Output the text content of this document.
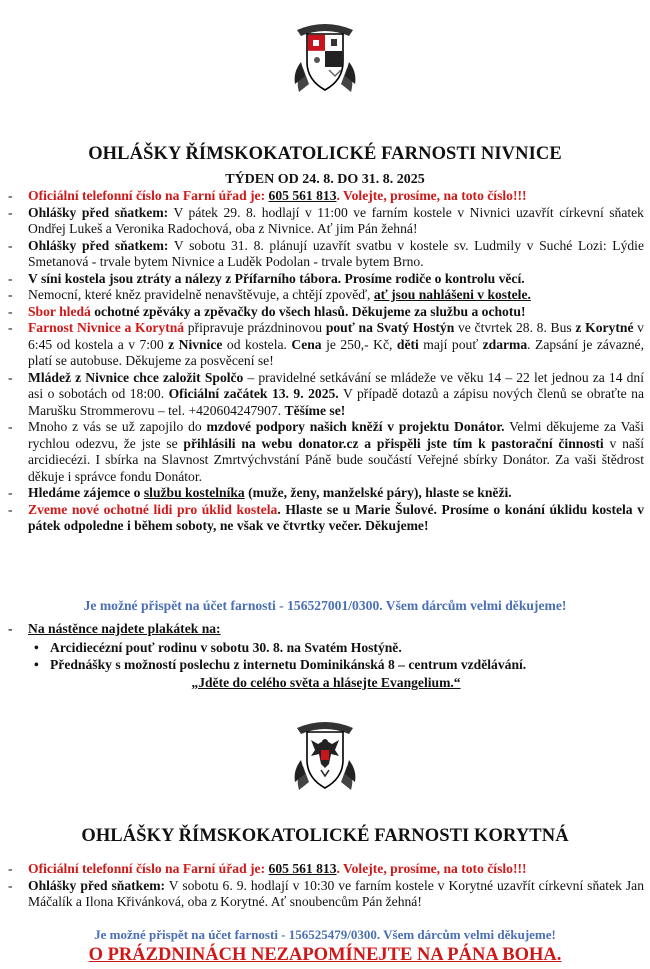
OHLÁŠKY ŘÍMSKOKATOLICKÉ FARNOSTI NIVNICE
TÝDEN OD 24. 8. DO 31. 8. 2025
- Oficiální telefonní číslo na Farní úřad je: 605 561 813. Volejte, prosíme, na toto číslo!!!
- Ohlášky před sňatkem: V pátek 29. 8. hodlají v 11:00 ve farním kostele v Nivnici uzavřít církevní sňatek Ondřej Lukeš a Veronika Radochová, oba z Nivnice. Ať jim Pán žehná!
- Ohlášky před sňatkem: V sobotu 31. 8. plánují uzavřít svatbu v kostele sv. Ludmily v Suché Lozi: Lýdie Smetanová - trvale bytem Nivnice a Luděk Podolan - trvale bytem Brno.
- V síni kostela jsou ztráty a nálezy z Přífarního tábora. Prosíme rodiče o kontrolu věcí.
- Nemocní, které kněz pravidelně nenavštěvuje, a chtějí zpověď, ať jsou nahlášeni v kostele.
- Sbor hledá ochotné zpěváky a zpěvačky do všech hlasů. Děkujeme za službu a ochotu!
- Farnost Nivnice a Korytná připravuje prázdninovou pouť na Svatý Hostýn ve čtvrtek 28. 8. Bus z Korytné v 6:45 od kostela a v 7:00 z Nivnice od kostela. Cena je 250,- Kč, děti mají pouť zdarma. Zapsání je závazné, platí se autobuse. Děkujeme za posvěcení se!
- Mládež z Nivnice chce založit Spolčo – pravidelné setkávání se mládeže ve věku 14 – 22 let jednou za 14 dní asi o sobotách od 18:00. Oficiální začátek 13. 9. 2025. V případě dotazů a zápisu nových členů se obraťte na Marušku Strommerovu – tel. +420604247907. Těšíme se!
- Mnoho z vás se už zapojilo do mzdové podpory našich kněží v projektu Donátor. Velmi děkujeme za Vaši rychlou odezvu, že jste se přihlásili na webu donator.cz a přispěli jste tím k pastorační činnosti v naší arcidiecézi. I sbírka na Slavnost Zmrtvýchvstání Páně bude součástí Veřejné sbírky Donátor. Za vaši štědrost děkuje i správce fondu Donátor.
- Hledáme zájemce o službu kostelníka (muže, ženy, manželské páry), hlaste se kněži.
- Zveme nové ochotné lidi pro úklid kostela. Hlaste se u Marie Šulové. Prosíme o konání úklidu kostela v pátek odpoledne i během soboty, ne však ve čtvrtky večer. Děkujeme!
Je možné přispět na účet farnosti - 156527001/0300. Všem dárcům velmi děkujeme!
- Na nástěnce najdete plakátek na:
• Arcidiecézní pouť rodinu v sobotu 30. 8. na Svatém Hostýně.
• Přednášky s možností poslechu z internetu Dominikánská 8 – centrum vzdělávání.
„Jděte do celého světa a hlásejte Evangelium.“
OHLÁŠKY ŘÍMSKOKATOLICKÉ FARNOSTI KORYTNÁ
- Oficiální telefonní číslo na Farní úřad je: 605 561 813. Volejte, prosíme, na toto číslo!!!
- Ohlášky před sňatkem: V sobotu 6. 9. hodlají v 10:30 ve farním kostele v Korytné uzavřít církevní sňatek Jan Máčalík a Ilona Křivánková, oba z Korytné. Ať snoubencům Pán žehná!
Je možné přispět na účet farnosti - 156525479/0300. Všem dárcům velmi děkujeme!
O PRÁZDNINÁCH NEZAPOMÍNEJTE NA PÁNA BOHA.
